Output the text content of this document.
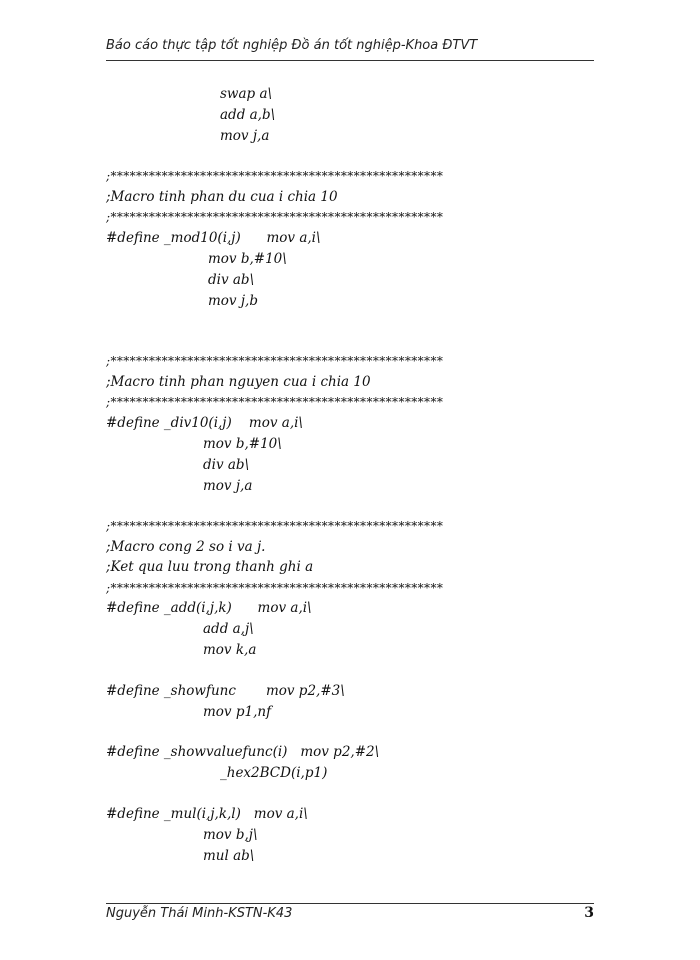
Báo cáo thực tập tốt nghiệp Đồ án tốt nghiệp-Khoa ĐTVT
swap a\
add a,b\
mov j,a
;****************************************************
;Macro tinh phan du cua i chia 10
;****************************************************
#define _mod10(i,j)      mov a,i\
mov b,#10\
div ab\
mov j,b
;****************************************************
;Macro tinh phan nguyen cua i chia 10
;****************************************************
#define _div10(i,j)    mov a,i\
mov b,#10\
div ab\
mov j,a
;****************************************************
;Macro cong 2 so i va j.
;Ket qua luu trong thanh ghi a
;****************************************************
#define _add(i,j,k)      mov a,i\
add a,j\
mov k,a
#define _showfunc       mov p2,#3\
mov p1,nf
#define _showvaluefunc(i)   mov p2,#2\
_hex2BCD(i,p1)
#define _mul(i,j,k,l)   mov a,i\
mov b,j\
mul ab\
Nguyễn Thái Minh-KSTN-K43	3
